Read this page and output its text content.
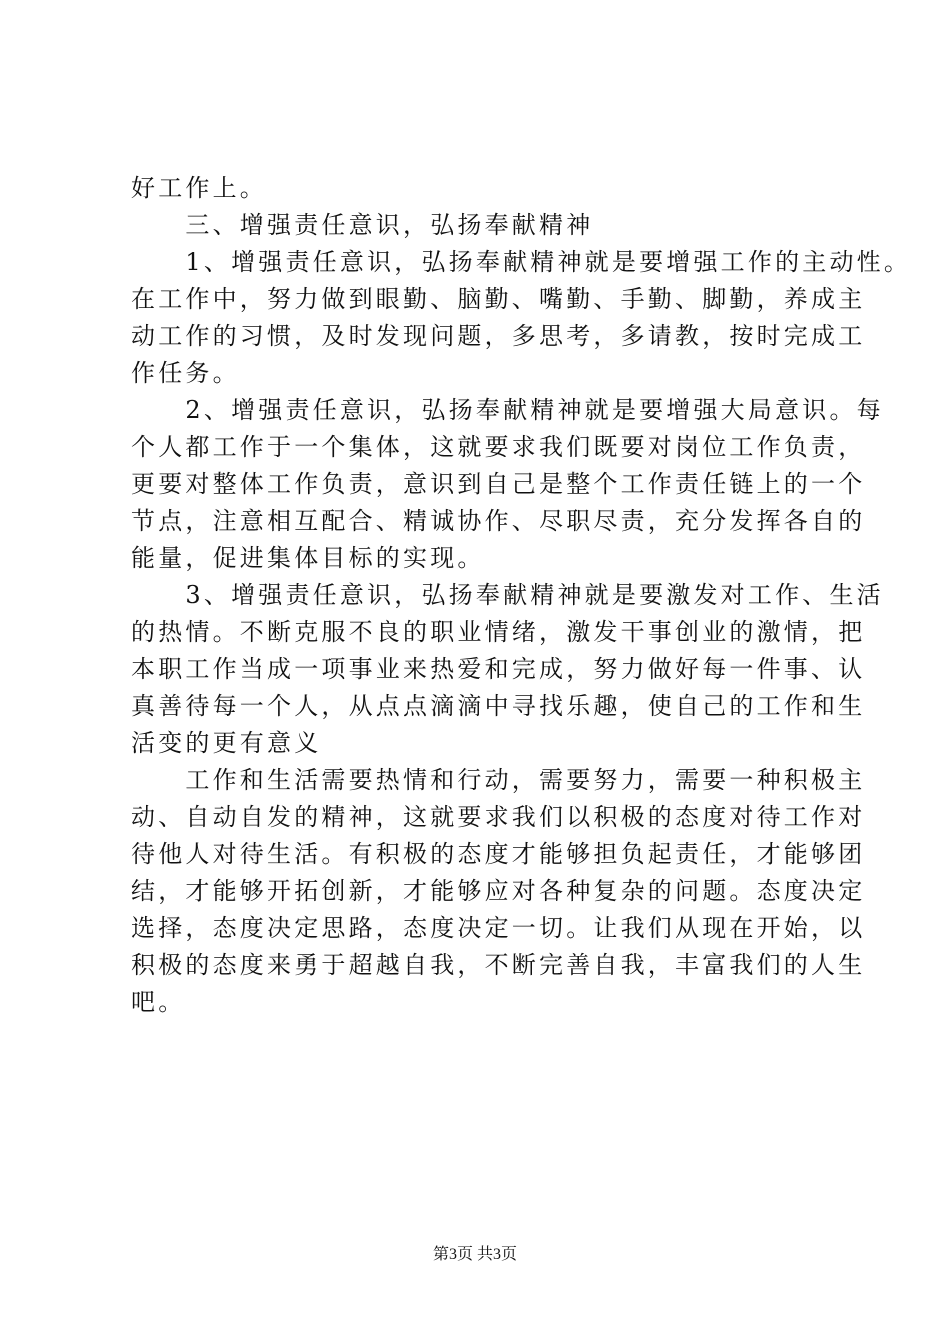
好工作上。
　　三、增强责任意识，弘扬奉献精神
　　1、增强责任意识，弘扬奉献精神就是要增强工作的主动性。
在工作中，努力做到眼勤、脑勤、嘴勤、手勤、脚勤，养成主
动工作的习惯，及时发现问题，多思考，多请教，按时完成工
作任务。
　　2、增强责任意识，弘扬奉献精神就是要增强大局意识。每
个人都工作于一个集体，这就要求我们既要对岗位工作负责，
更要对整体工作负责，意识到自己是整个工作责任链上的一个
节点，注意相互配合、精诚协作、尽职尽责，充分发挥各自的
能量，促进集体目标的实现。
　　3、增强责任意识，弘扬奉献精神就是要激发对工作、生活
的热情。不断克服不良的职业情绪，激发干事创业的激情，把
本职工作当成一项事业来热爱和完成，努力做好每一件事、认
真善待每一个人，从点点滴滴中寻找乐趣，使自己的工作和生
活变的更有意义
　　工作和生活需要热情和行动，需要努力，需要一种积极主
动、自动自发的精神，这就要求我们以积极的态度对待工作对
待他人对待生活。有积极的态度才能够担负起责任，才能够团
结，才能够开拓创新，才能够应对各种复杂的问题。态度决定
选择，态度决定思路，态度决定一切。让我们从现在开始，以
积极的态度来勇于超越自我，不断完善自我，丰富我们的人生
吧。
第3页 共3页
